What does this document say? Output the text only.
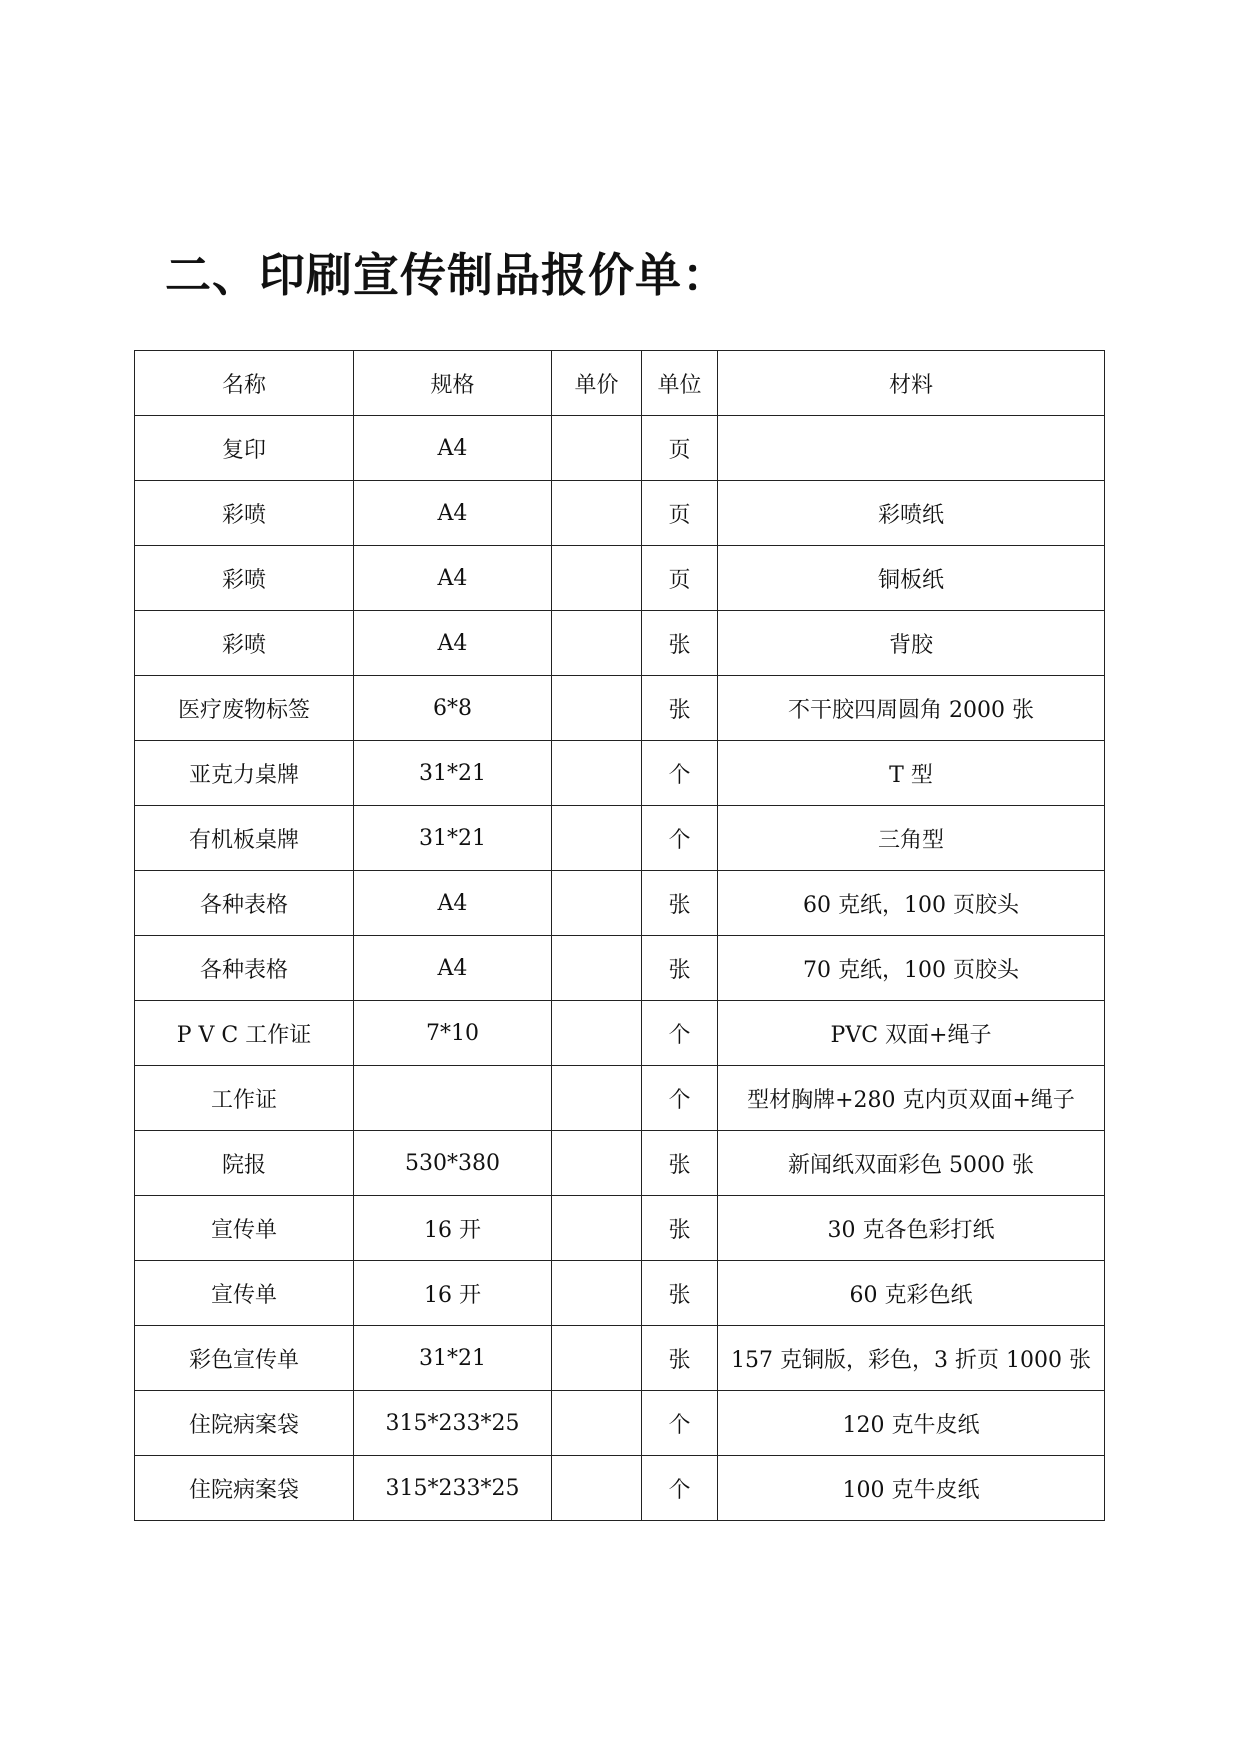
二、印刷宣传制品报价单：
名称	规格	单价	单位	材料
复印	A4		页	
彩喷	A4		页	彩喷纸
彩喷	A4		页	铜板纸
彩喷	A4		张	背胶
医疗废物标签	6*8		张	不干胶四周圆角 2000 张
亚克力桌牌	31*21		个	T 型
有机板桌牌	31*21		个	三角型
各种表格	A4		张	60 克纸，100 页胶头
各种表格	A4		张	70 克纸，100 页胶头
P V C 工作证	7*10		个	PVC 双面+绳子
工作证			个	型材胸牌+280 克内页双面+绳子
院报	530*380		张	新闻纸双面彩色 5000 张
宣传单	16 开		张	30 克各色彩打纸
宣传单	16 开		张	60 克彩色纸
彩色宣传单	31*21		张	157 克铜版，彩色，3 折页 1000 张
住院病案袋	315*233*25		个	120 克牛皮纸
住院病案袋	315*233*25		个	100 克牛皮纸
